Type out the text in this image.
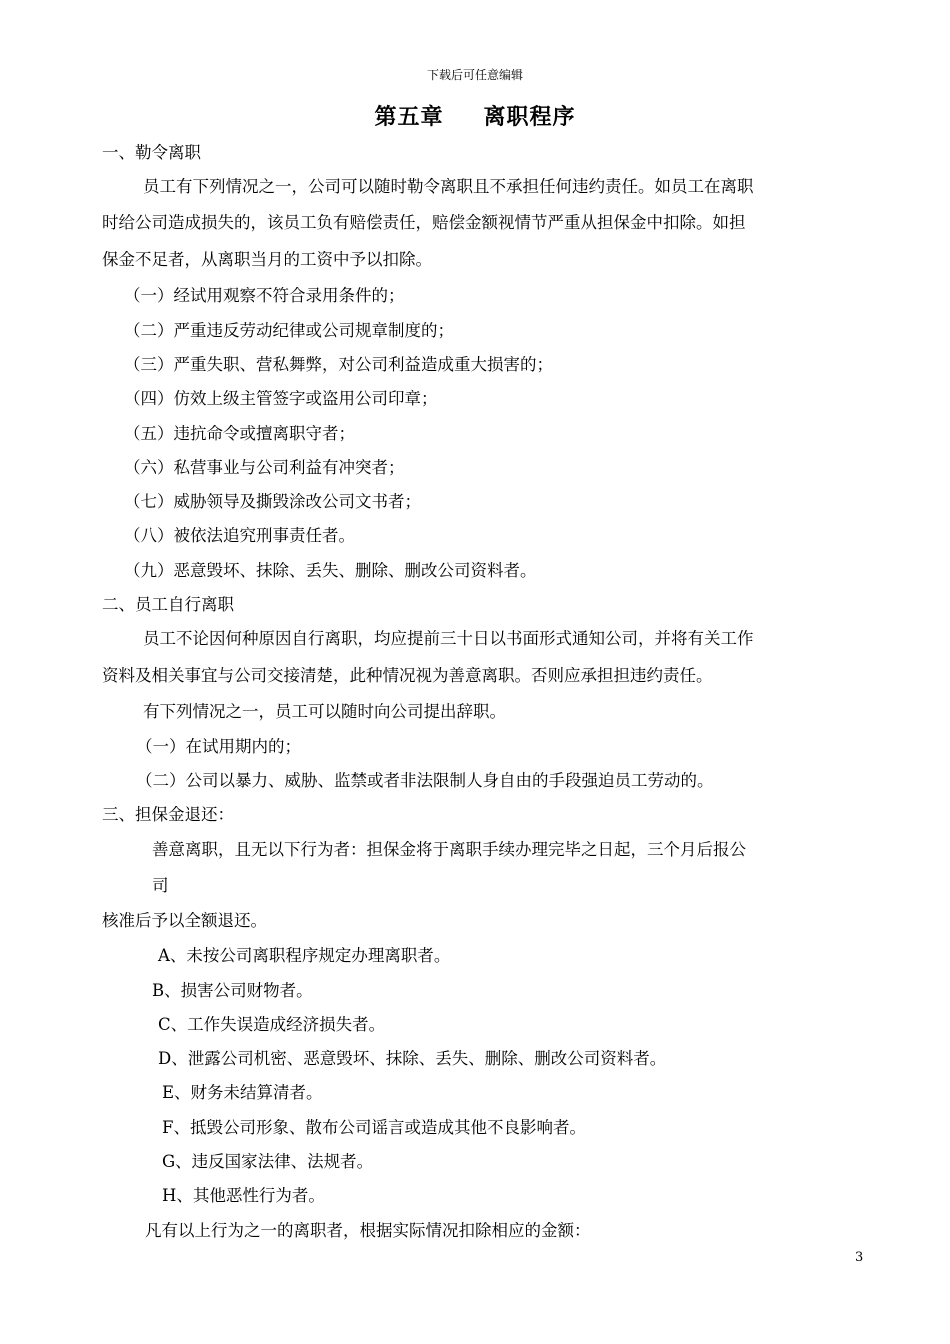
下载后可任意编辑
第五章 离职程序
一、勒令离职
员工有下列情况之一，公司可以随时勒令离职且不承担任何违约责任。如员工在离职
时给公司造成损失的，该员工负有赔偿责任，赔偿金额视情节严重从担保金中扣除。如担
保金不足者，从离职当月的工资中予以扣除。
（一）经试用观察不符合录用条件的；
（二）严重违反劳动纪律或公司规章制度的；
（三）严重失职、营私舞弊，对公司利益造成重大损害的；
（四）仿效上级主管签字或盗用公司印章；
（五）违抗命令或擅离职守者；
（六）私营事业与公司利益有冲突者；
（七）威胁领导及撕毁涂改公司文书者；
（八）被依法追究刑事责任者。
（九）恶意毁坏、抹除、丢失、删除、删改公司资料者。
二、员工自行离职
员工不论因何种原因自行离职，均应提前三十日以书面形式通知公司，并将有关工作
资料及相关事宜与公司交接清楚，此种情况视为善意离职。否则应承担担违约责任。
有下列情况之一，员工可以随时向公司提出辞职。
（一）在试用期内的；
（二）公司以暴力、威胁、监禁或者非法限制人身自由的手段强迫员工劳动的。
三、担保金退还：
善意离职，且无以下行为者：担保金将于离职手续办理完毕之日起，三个月后报公
司
核准后予以全额退还。
A、未按公司离职程序规定办理离职者。
B、损害公司财物者。
C、工作失误造成经济损失者。
D、泄露公司机密、恶意毁坏、抹除、丢失、删除、删改公司资料者。
E、财务未结算清者。
F、抵毁公司形象、散布公司谣言或造成其他不良影响者。
G、违反国家法律、法规者。
H、其他恶性行为者。
凡有以上行为之一的离职者，根据实际情况扣除相应的金额：
3
